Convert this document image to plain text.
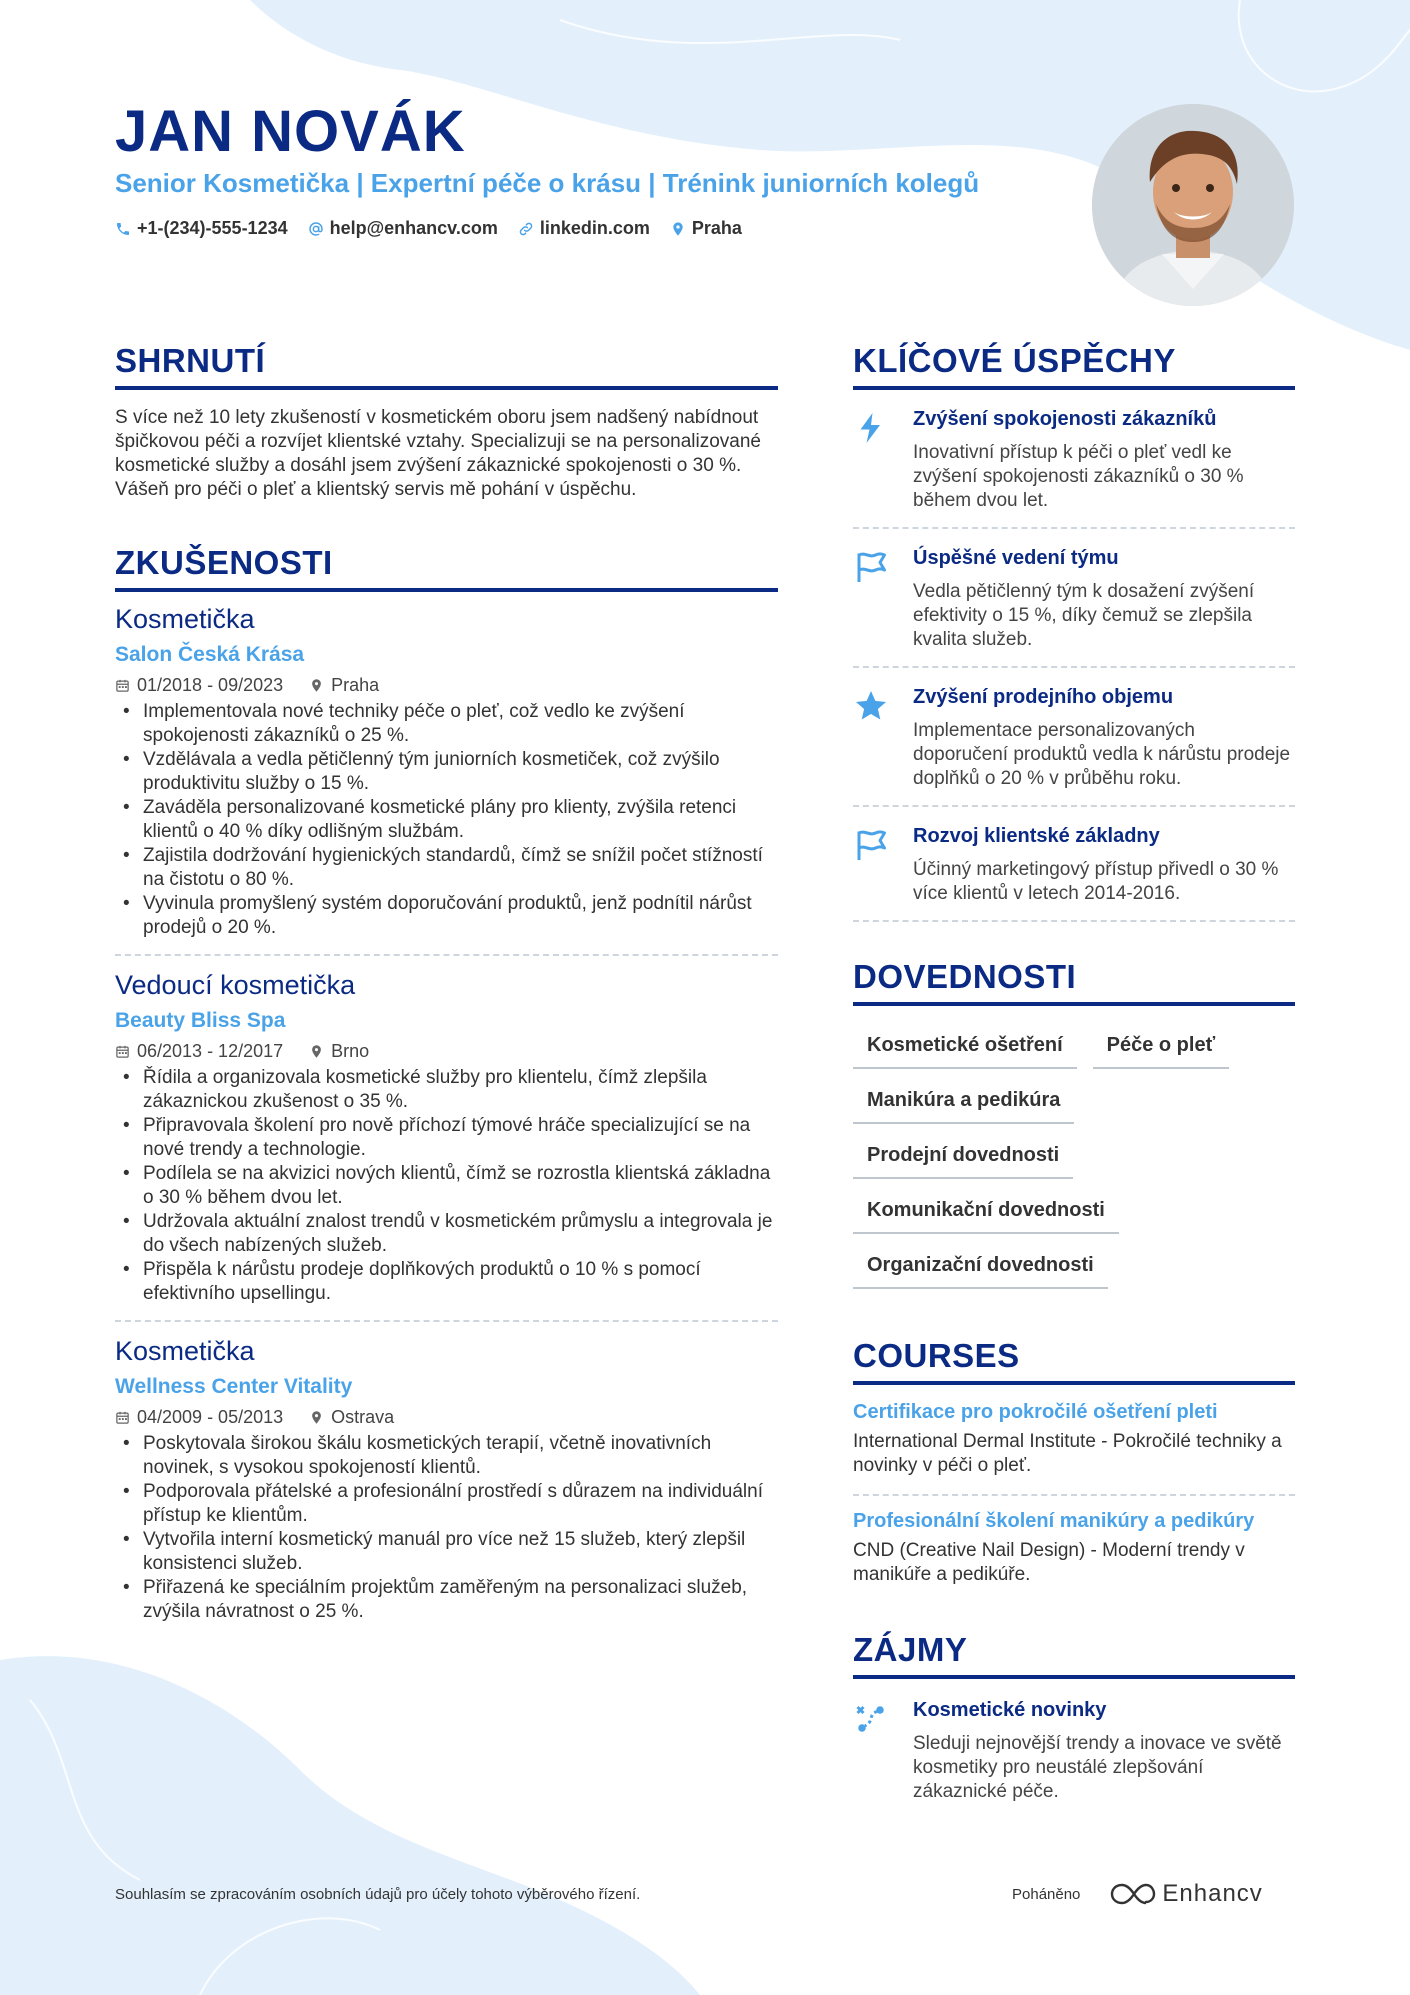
JAN NOVÁK
Senior Kosmetička | Expertní péče o krásu | Trénink juniorních kolegů
+1-(234)-555-1234 help@enhancv.com linkedin.com Praha
SHRNUTÍ

S více než 10 lety zkušeností v kosmetickém oboru jsem nadšený nabídnout špičkovou péči a rozvíjet klientské vztahy. Specializuji se na personalizované kosmetické služby a dosáhl jsem zvýšení zákaznické spokojenosti o 30 %. Vášeň pro péči o pleť a klientský servis mě pohání v úspěchu.

ZKUŠENOSTI
Kosmetička
Salon Česká Krása
01/2018 - 09/2023	Praha
• Implementovala nové techniky péče o pleť, což vedlo ke zvýšení spokojenosti zákazníků o 25 %.
• Vzdělávala a vedla pětičlenný tým juniorních kosmetiček, což zvýšilo produktivitu služby o 15 %.
• Zaváděla personalizované kosmetické plány pro klienty, zvýšila retenci klientů o 40 % díky odlišným službám.
• Zajistila dodržování hygienických standardů, čímž se snížil počet stížností na čistotu o 80 %.
• Vyvinula promyšlený systém doporučování produktů, jenž podnítil nárůst prodejů o 20 %.
Vedoucí kosmetička
Beauty Bliss Spa
06/2013 - 12/2017	Brno
• Řídila a organizovala kosmetické služby pro klientelu, čímž zlepšila zákaznickou zkušenost o 35 %.
• Připravovala školení pro nově příchozí týmové hráče specializující se na nové trendy a technologie.
• Podílela se na akvizici nových klientů, čímž se rozrostla klientská základna o 30 % během dvou let.
• Udržovala aktuální znalost trendů v kosmetickém průmyslu a integrovala je do všech nabízených služeb.
• Přispěla k nárůstu prodeje doplňkových produktů o 10 % s pomocí efektivního upsellingu.
Kosmetička
Wellness Center Vitality
04/2009 - 05/2013	Ostrava
• Poskytovala širokou škálu kosmetických terapií, včetně inovativních novinek, s vysokou spokojeností klientů.
• Podporovala přátelské a profesionální prostředí s důrazem na individuální přístup ke klientům.
• Vytvořila interní kosmetický manuál pro více než 15 služeb, který zlepšil konsistenci služeb.
• Přiřazená ke speciálním projektům zaměřeným na personalizaci služeb, zvýšila návratnost o 25 %.
KLÍČOVÉ ÚSPĚCHY
Zvýšení spokojenosti zákazníků
Inovativní přístup k péči o pleť vedl ke zvýšení spokojenosti zákazníků o 30 % během dvou let.
Úspěšné vedení týmu
Vedla pětičlenný tým k dosažení zvýšení efektivity o 15 %, díky čemuž se zlepšila kvalita služeb.
Zvýšení prodejního objemu
Implementace personalizovaných doporučení produktů vedla k nárůstu prodeje doplňků o 20 % v průběhu roku.
Rozvoj klientské základny
Účinný marketingový přístup přivedl o 30 % více klientů v letech 2014-2016.
DOVEDNOSTI
Kosmetické ošetření	Péče o pleť
Manikúra a pedikúra
Prodejní dovednosti
Komunikační dovednosti
Organizační dovednosti
COURSES
Certifikace pro pokročilé ošetření pleti
International Dermal Institute - Pokročilé techniky a novinky v péči o pleť.
Profesionální školení manikúry a pedikúry
CND (Creative Nail Design) - Moderní trendy v manikúře a pedikúře.
ZÁJMY
Kosmetické novinky
Sleduji nejnovější trendy a inovace ve světě kosmetiky pro neustálé zlepšování zákaznické péče.
Souhlasím se zpracováním osobních údajů pro účely tohoto výběrového řízení.	Poháněno	Enhancv
